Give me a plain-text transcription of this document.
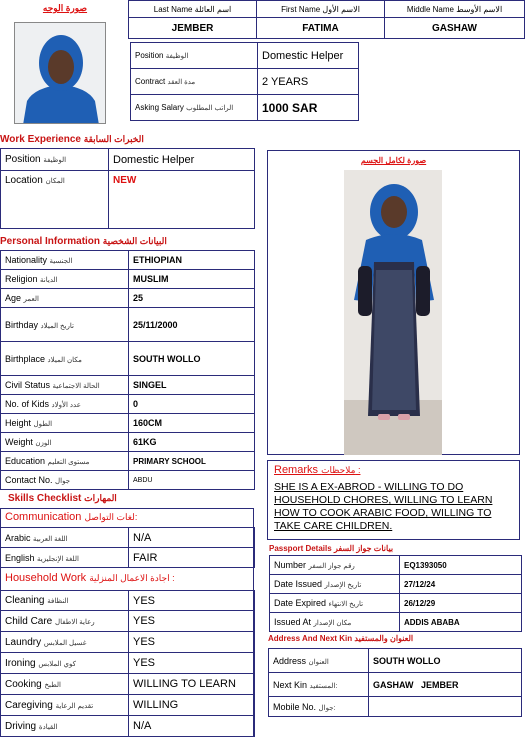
صورة الوجه	Last Name اسم العائلة	First Name الاسم الأول	Middle Name الاسم الأوسط
JEMBER	FATIMA	GASHAW
Position الوظيفة	Domestic Helper
Contract مدة العقد	2 YEARS
Asking Salary الراتب المطلوب	1000 SAR
Work Experience الخبرات السابقة
Position الوظيفة	Domestic Helper
Location المكان	NEW
Personal Information البيانات الشخصية
Nationality الجنسية	ETHIOPIAN
Religion الديانة	MUSLIM
Age العمر	25
Birthday تاريخ الميلاد	25/11/2000
Birthplace مكان الميلاد	SOUTH WOLLO
Civil Status الحالة الاجتماعية	SINGEL
No. of Kids عدد الأولاد	0
Height الطول	160CM
Weight الوزن	61KG
Education مستوى التعليم	PRIMARY SCHOOL
Contact No. جوال	ABDU
Skills Checklist المهارات
Communication لغات التواصل:
Arabic اللغة العربية	N/A
English اللغة الإنجليزية	FAIR
Household Work اجادة الاعمال المنزلية :
Cleaning النظافة	YES
Child Care رعاية الاطفال	YES
Laundry غسيل الملابس	YES
Ironing كوي الملابس	YES
Cooking الطبخ	WILLING TO LEARN
Caregiving تقديم الرعاية	WILLING
Driving القيادة	N/A
صورة لكامل الجسم
Remarks ملاحظات :
SHE IS A EX-ABROD - WILLING TO DO HOUSEHOLD CHORES, WILLING TO LEARN HOW TO COOK ARABIC FOOD, WILLING TO TAKE CARE CHILDREN.
Passport Details بيانات جواز السفر
Number رقم جواز السفر	EQ1393050
Date Issued تاريخ الإصدار	27/12/24
Date Expired تاريخ الانتهاء	26/12/29
Issued At مكان الإصدار	ADDIS ABABA
Address And Next Kin العنوان والمستفيد
Address العنوان	SOUTH WOLLO
Next Kin المستفيد:	GASHAW   JEMBER
Mobile No. جوال:	
